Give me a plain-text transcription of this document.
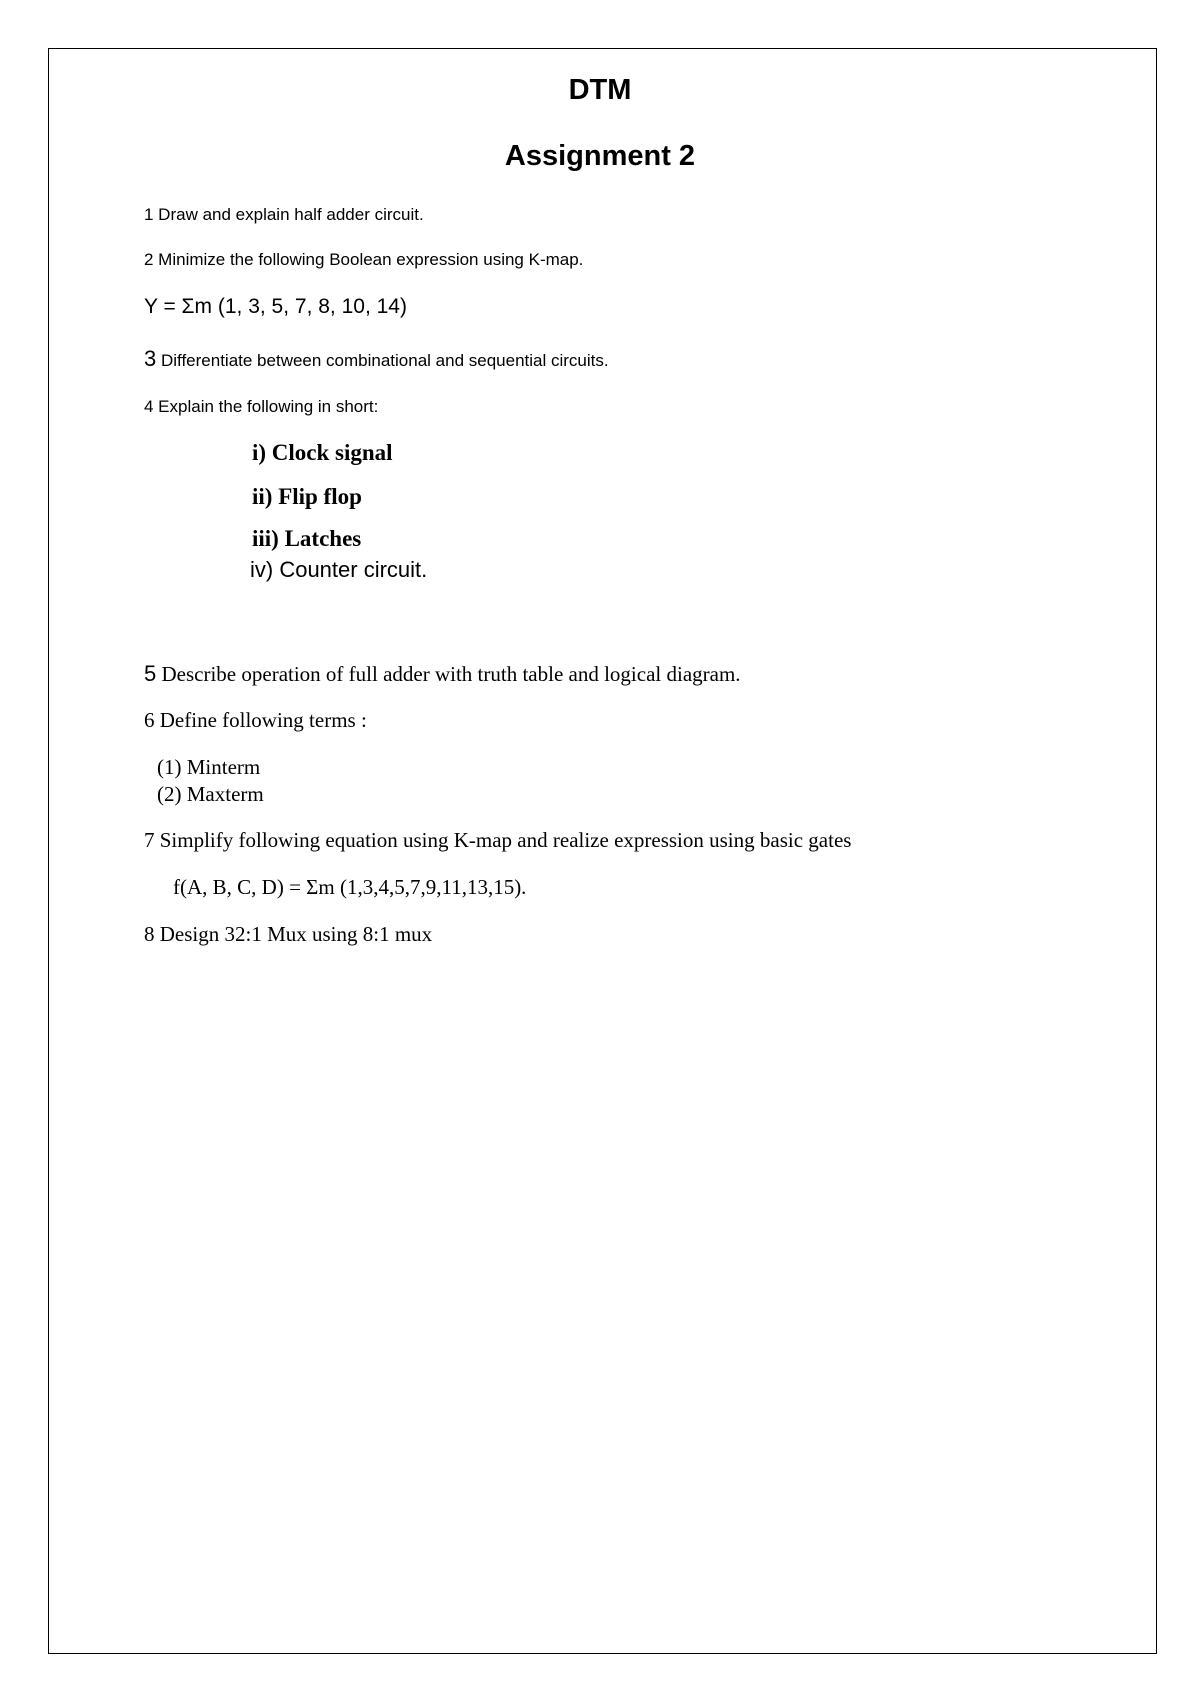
DTM
Assignment 2

1 Draw and explain half adder circuit.

2 Minimize the following Boolean expression using K-map.

Y = Σm (1, 3, 5, 7, 8, 10, 14)

3 Differentiate between combinational and sequential circuits.

4 Explain the following in short:

i) Clock signal

ii) Flip flop

iii) Latches

iv) Counter circuit.

5 Describe operation of full adder with truth table and logical diagram.

6 Define following terms :

(1) Minterm

(2) Maxterm

7 Simplify following equation using K-map and realize expression using basic gates

f(A, B, C, D) = Σm (1,3,4,5,7,9,11,13,15).

8 Design 32:1 Mux using 8:1 mux
